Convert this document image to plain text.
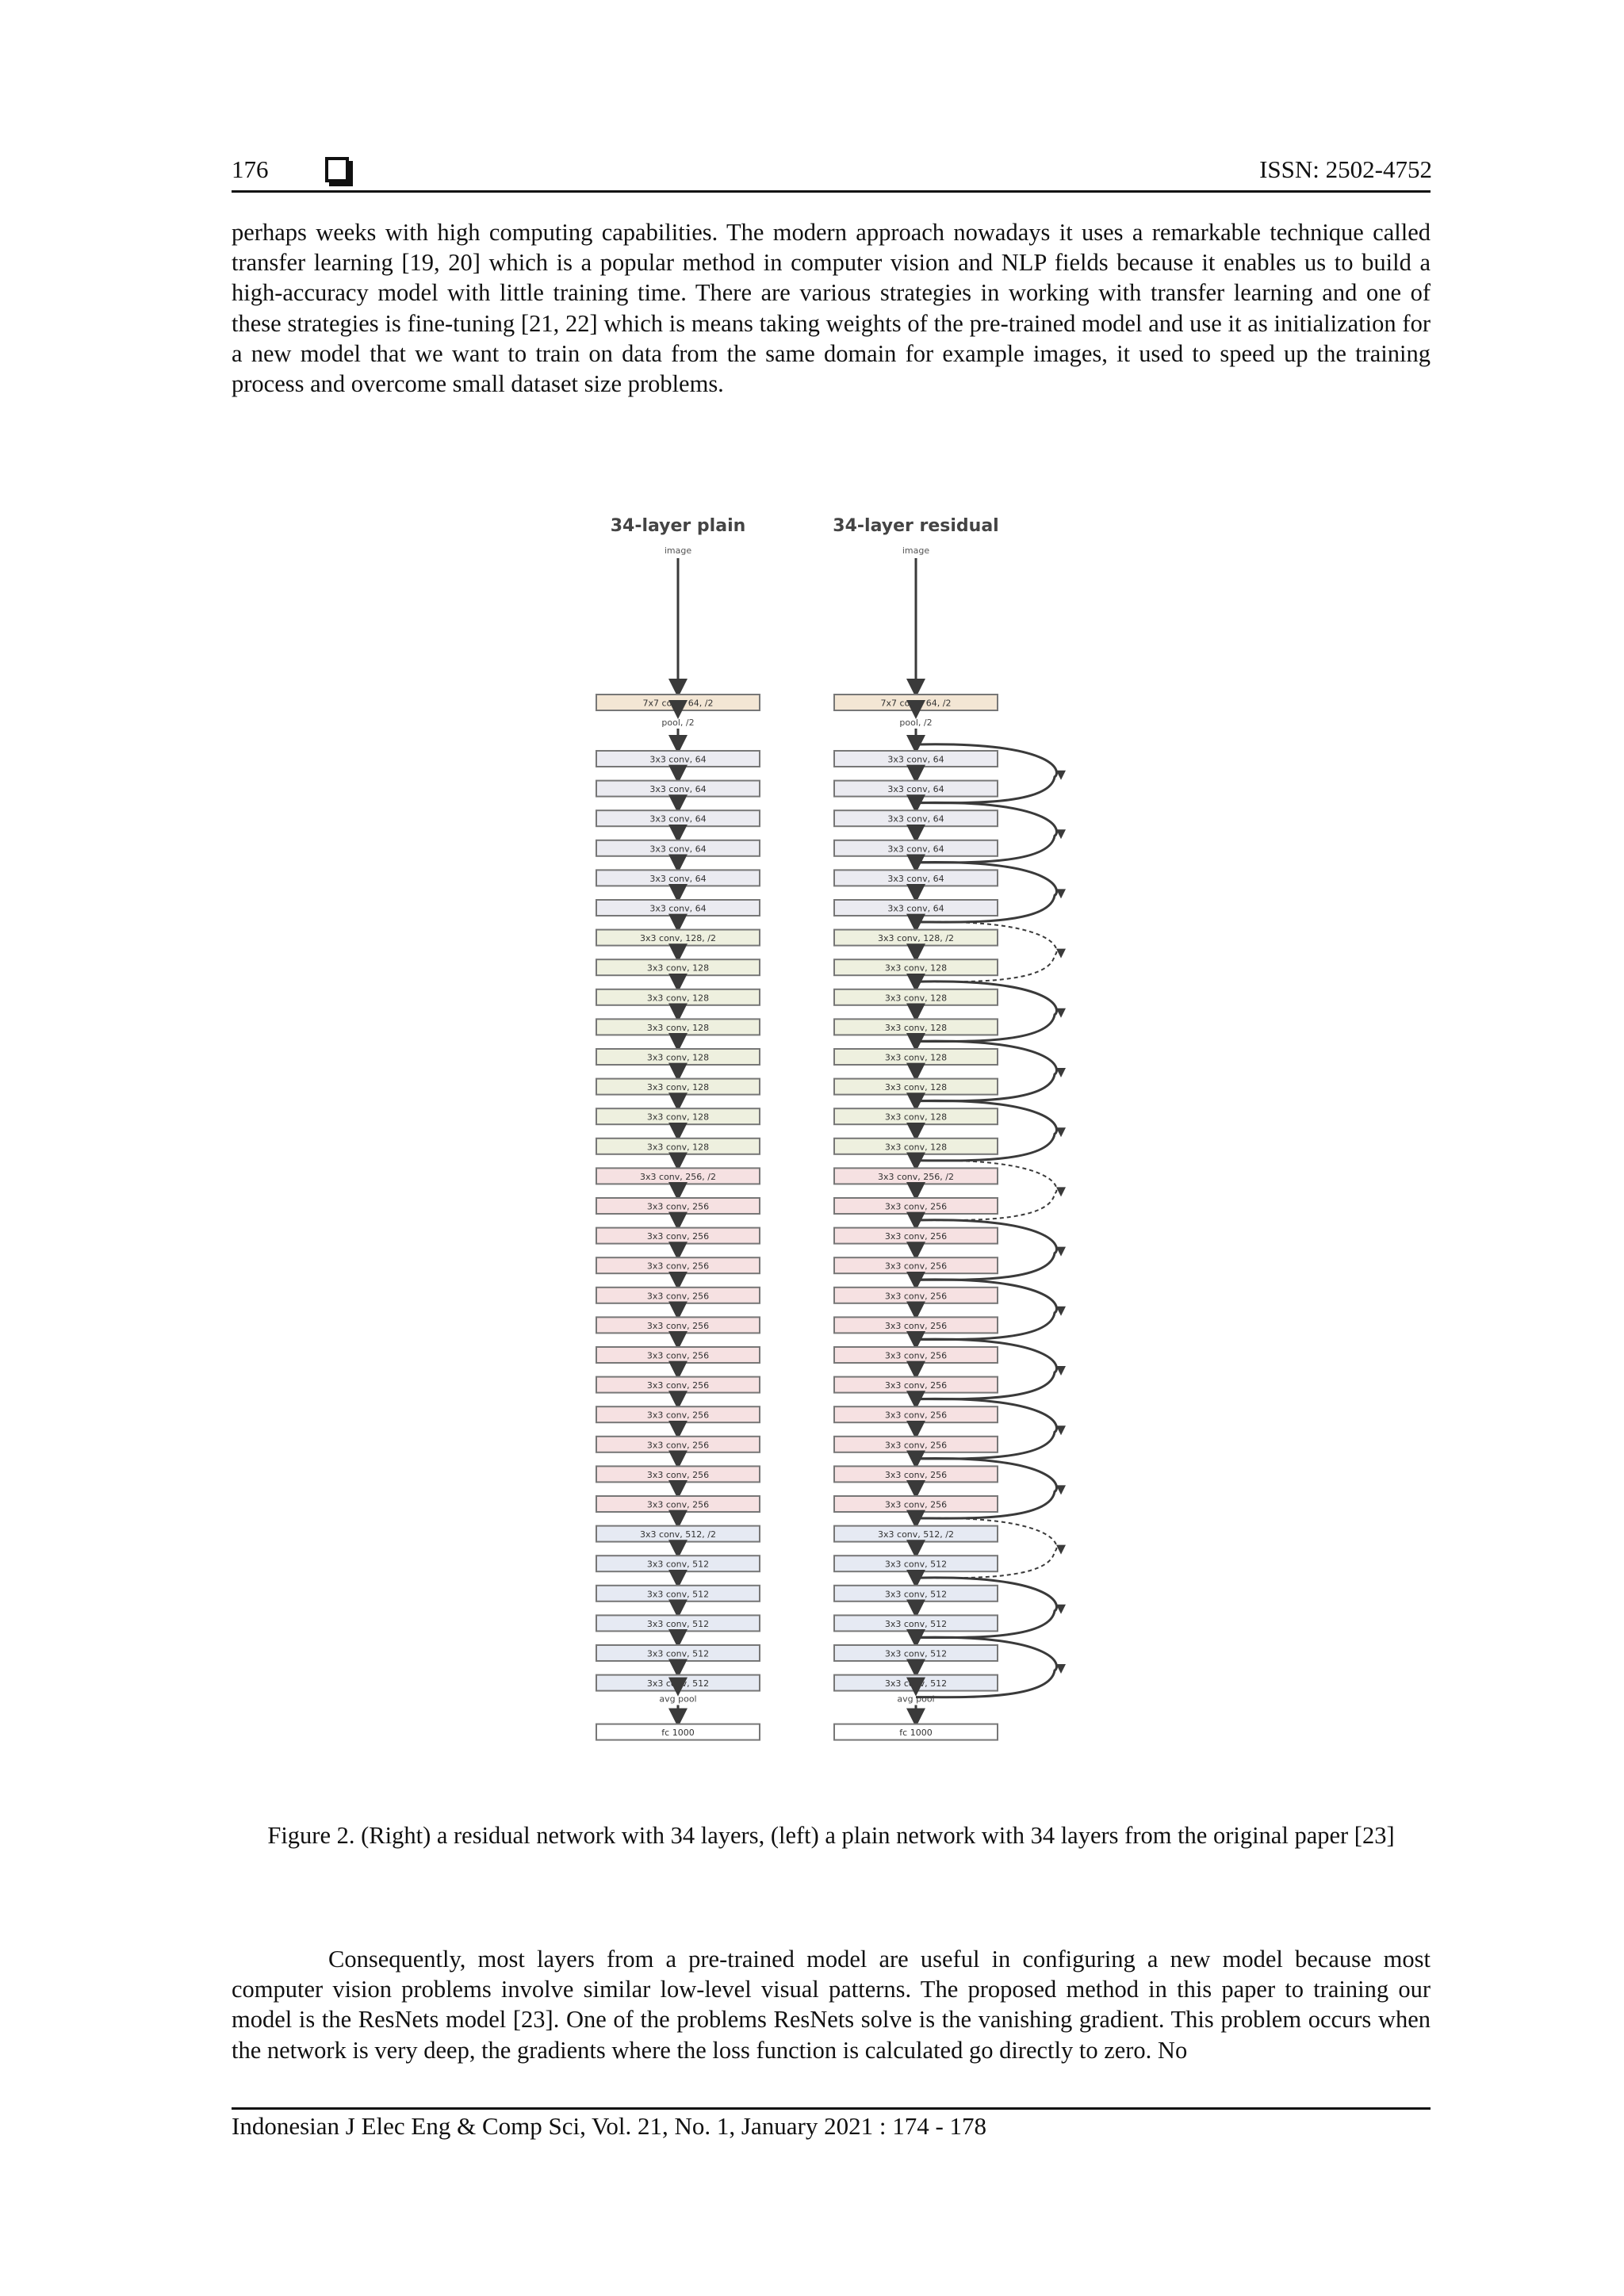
176	ISSN: 2502-4752

perhaps weeks with high computing capabilities. The modern approach nowadays it uses a remarkable technique called transfer learning [19, 20] which is a popular method in computer vision and NLP fields because it enables us to build a high-accuracy model with little training time. There are various strategies in working with transfer learning and one of these strategies is fine-tuning [21, 22] which is means taking weights of the pre-trained model and use it as initialization for a new model that we want to train on data from the same domain for example images, it used to speed up the training process and overcome small dataset size problems.

34-layer plain
image
7x7 conv, 64, /2
pool, /2
3x3 conv, 64
3x3 conv, 64
3x3 conv, 64
3x3 conv, 64
3x3 conv, 64
3x3 conv, 64
3x3 conv, 128, /2
3x3 conv, 128
3x3 conv, 128
3x3 conv, 128
3x3 conv, 128
3x3 conv, 128
3x3 conv, 128
3x3 conv, 128
3x3 conv, 256, /2
3x3 conv, 256
3x3 conv, 256
3x3 conv, 256
3x3 conv, 256
3x3 conv, 256
3x3 conv, 256
3x3 conv, 256
3x3 conv, 256
3x3 conv, 256
3x3 conv, 256
3x3 conv, 256
3x3 conv, 512, /2
3x3 conv, 512
3x3 conv, 512
3x3 conv, 512
3x3 conv, 512
3x3 conv, 512
avg pool
fc 1000
34-layer residual
image
7x7 conv, 64, /2
pool, /2
3x3 conv, 64
3x3 conv, 64
3x3 conv, 64
3x3 conv, 64
3x3 conv, 64
3x3 conv, 64
3x3 conv, 128, /2
3x3 conv, 128
3x3 conv, 128
3x3 conv, 128
3x3 conv, 128
3x3 conv, 128
3x3 conv, 128
3x3 conv, 128
3x3 conv, 256, /2
3x3 conv, 256
3x3 conv, 256
3x3 conv, 256
3x3 conv, 256
3x3 conv, 256
3x3 conv, 256
3x3 conv, 256
3x3 conv, 256
3x3 conv, 256
3x3 conv, 256
3x3 conv, 256
3x3 conv, 512, /2
3x3 conv, 512
3x3 conv, 512
3x3 conv, 512
3x3 conv, 512
3x3 conv, 512
avg pool
fc 1000

Figure 2. (Right) a residual network with 34 layers, (left) a plain network with 34 layers from the original paper [23]

Consequently, most layers from a pre-trained model are useful in configuring a new model because most computer vision problems involve similar low-level visual patterns. The proposed method in this paper to training our model is the ResNets model [23]. One of the problems ResNets solve is the vanishing gradient. This problem occurs when the network is very deep, the gradients where the loss function is calculated go directly to zero. No

Indonesian J Elec Eng & Comp Sci, Vol. 21, No. 1, January 2021 : 174 - 178
